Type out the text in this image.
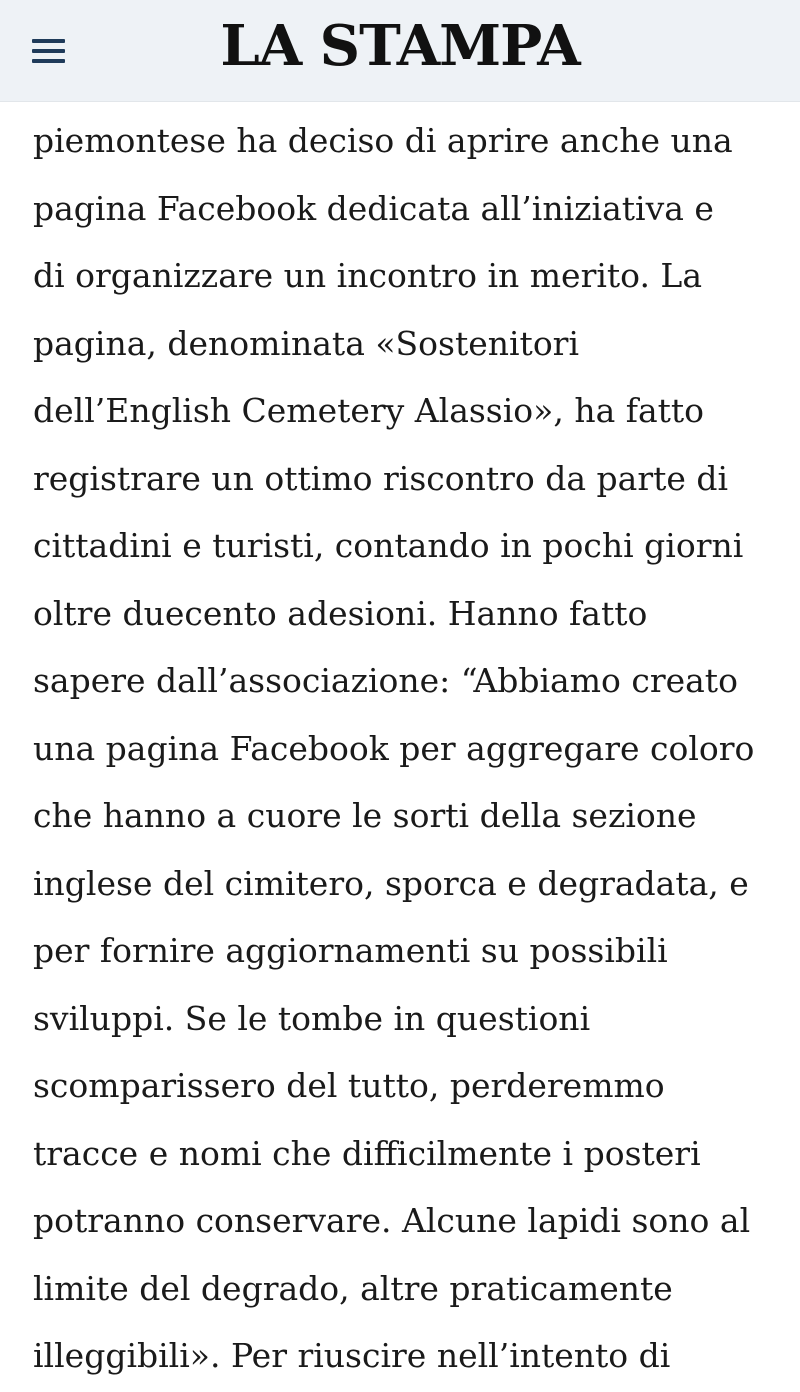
LA STAMPA

piemontese ha deciso di aprire anche una
pagina Facebook dedicata all’iniziativa e
di organizzare un incontro in merito. La
pagina, denominata «Sostenitori
dell’English Cemetery Alassio», ha fatto
registrare un ottimo riscontro da parte di
cittadini e turisti, contando in pochi giorni
oltre duecento adesioni. Hanno fatto
sapere dall’associazione: “Abbiamo creato
una pagina Facebook per aggregare coloro
che hanno a cuore le sorti della sezione
inglese del cimitero, sporca e degradata, e
per fornire aggiornamenti su possibili
sviluppi. Se le tombe in questioni
scomparissero del tutto, perderemmo
tracce e nomi che difficilmente i posteri
potranno conservare. Alcune lapidi sono al
limite del degrado, altre praticamente
illeggibili». Per riuscire nell’intento di
